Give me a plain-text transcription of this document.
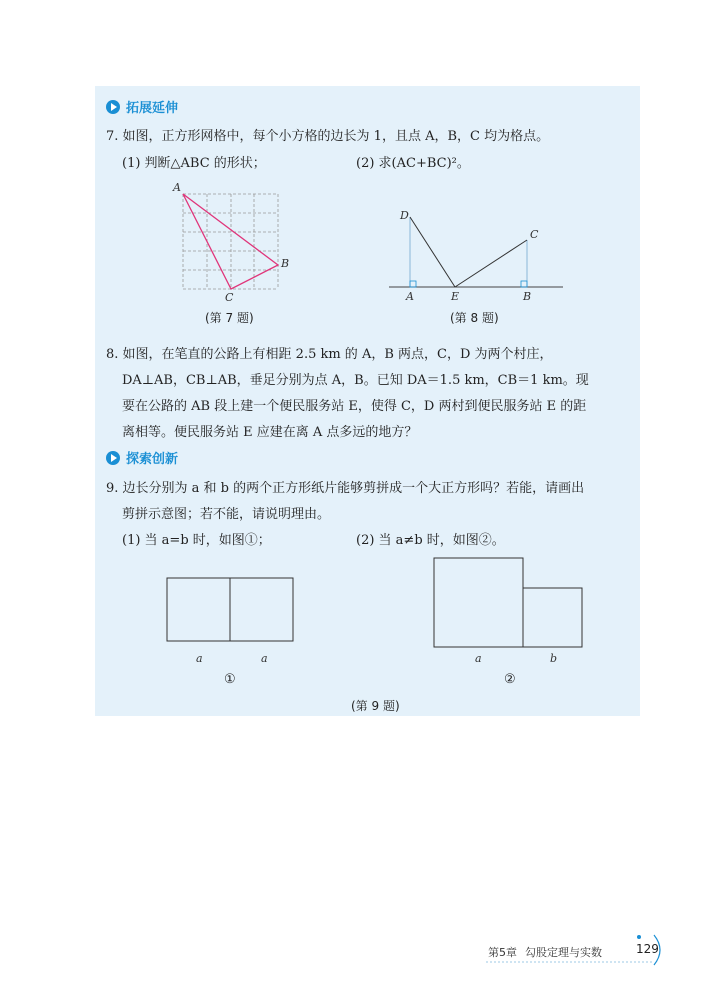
拓展延伸
7. 如图，正方形网格中，每个小方格的边长为 1，且点 A，B，C 均为格点。
(1) 判断△ABC 的形状；	(2) 求(AC+BC)²。
A
B
C
(第 7 题)
D
C
A	E	B
(第 8 题)
8. 如图，在笔直的公路上有相距 2.5 km 的 A，B 两点，C，D 为两个村庄，
DA⊥AB，CB⊥AB，垂足分别为点 A，B。已知 DA＝1.5 km，CB＝1 km。现
要在公路的 AB 段上建一个便民服务站 E，使得 C，D 两村到便民服务站 E 的距
离相等。便民服务站 E 应建在离 A 点多远的地方？
探索创新
9. 边长分别为 a 和 b 的两个正方形纸片能够剪拼成一个大正方形吗？若能，请画出
剪拼示意图；若不能，请说明理由。
(1) 当 a=b 时，如图①；	(2) 当 a≠b 时，如图②。
a	a
①
a	b
②
(第 9 题)
第5章 勾股定理与实数	129
